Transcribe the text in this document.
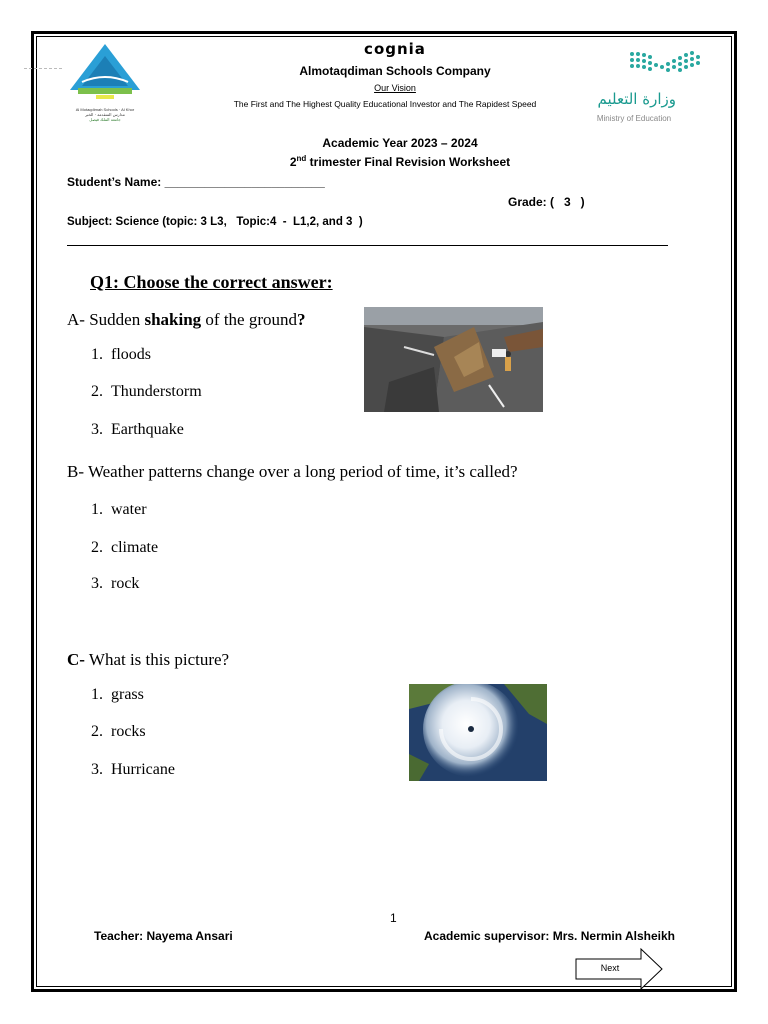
Al Motaqdimah Schools · Al Khor
مدارس المتقدمة · الخبر
جامعة الملك فيصل
cognia
Almotaqdiman Schools Company
Our Vision
The First and The Highest Quality Educational Investor and The Rapidest Speed	وزارة التعليم
Ministry of Education
Academic Year 2023 – 2024
2nd trimester Final Revision Worksheet
Student’s Name: ________________________
Grade: (   3   )
Subject: Science (topic: 3 L3,   Topic:4  -  L1,2, and 3  )
Q1: Choose the correct answer:
A- Sudden shaking of the ground?
1.  floods
2.  Thunderstorm
3.  Earthquake
B- Weather patterns change over a long period of time, it’s called?
1.  water
2.  climate
3.  rock
C- What is this picture?
1.  grass
2.  rocks
3.  Hurricane
1
Teacher: Nayema Ansari	Academic supervisor: Mrs. Nermin Alsheikh
Next
